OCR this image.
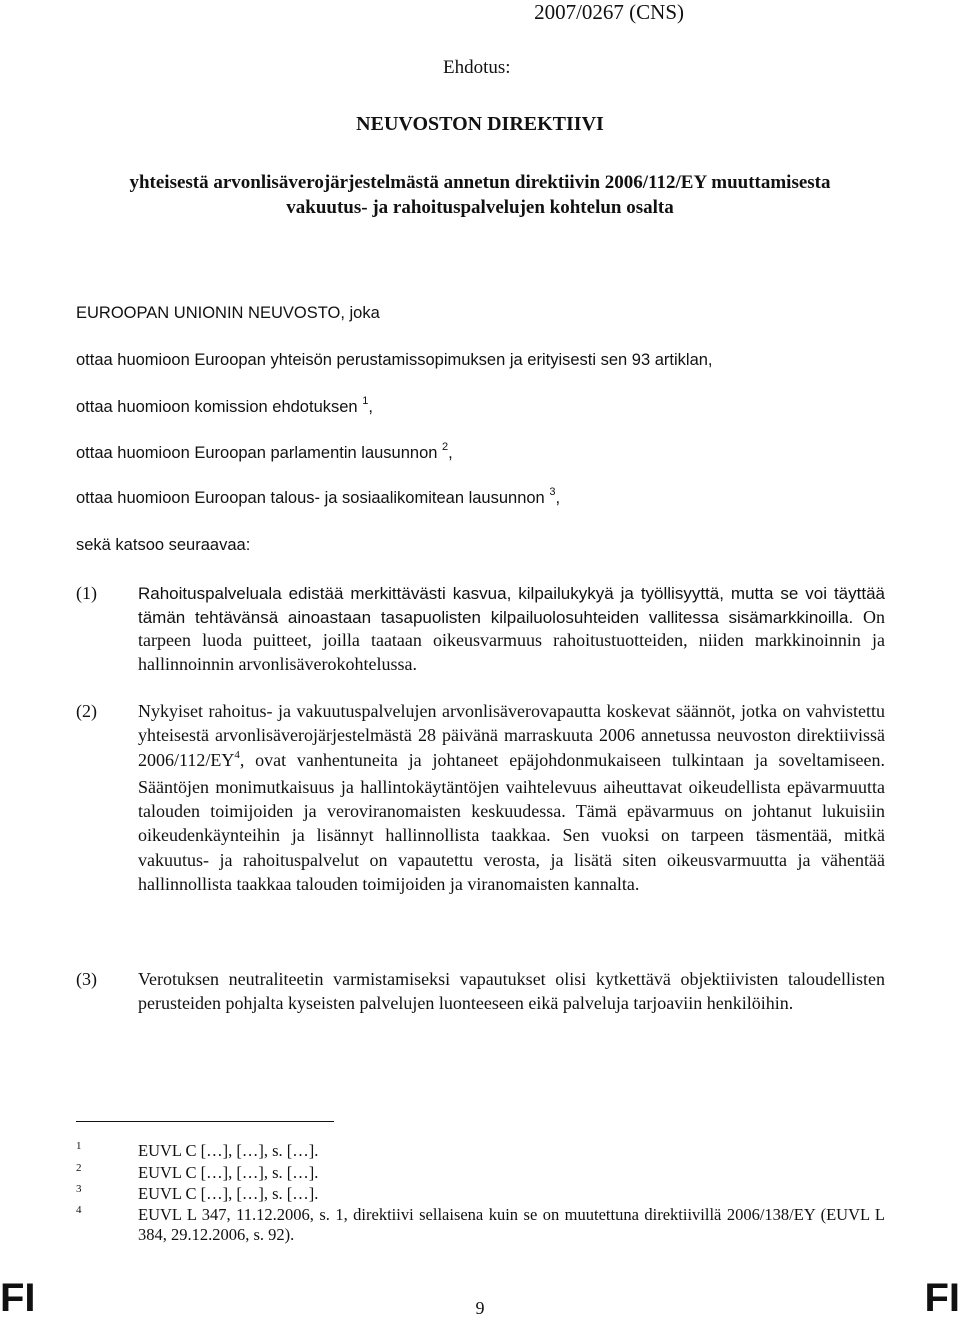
2007/0267 (CNS)
Ehdotus:
NEUVOSTON DIREKTIIVI
yhteisestä arvonlisäverojärjestelmästä annetun direktiivin 2006/112/EY muuttamisesta
vakuutus- ja rahoituspalvelujen kohtelun osalta
EUROOPAN UNIONIN NEUVOSTO, joka
ottaa huomioon Euroopan yhteisön perustamissopimuksen ja erityisesti sen 93 artiklan,
ottaa huomioon komission ehdotuksen $^1$,
ottaa huomioon Euroopan parlamentin lausunnon $^2$,
ottaa huomioon Euroopan talous- ja sosiaalikomitean lausunnon $^3$,
sekä katsoo seuraavaa:
(1) Rahoituspalveluala edistää merkittävästi kasvua, kilpailukykyä ja työllisyyttä, mutta se voi täyttää tämän tehtävänsä ainoastaan tasapuolisten kilpailuolosuhteiden vallitessa sisämarkkinoilla. On tarpeen luoda puitteet, joilla taataan oikeusvarmuus rahoitustuotteiden, niiden markkinoinnin ja hallinnoinnin arvonlisäverokohtelussa.
(2) Nykyiset rahoitus- ja vakuutuspalvelujen arvonlisäverovapautta koskevat säännöt, jotka on vahvistettu yhteisestä arvonlisäverojärjestelmästä 28 päivänä marraskuuta 2006 annetussa neuvoston direktiivissä $2006/112/EY^4$, ovat vanhentuneita ja johtaneet epäjohdonmukaiseen tulkintaan ja soveltamiseen. Sääntöjen monimutkaisuus ja hallintokäytäntöjen vaihtelevuus aiheuttavat oikeudellista epävarmuutta talouden toimijoiden ja veroviranomaisten keskuudessa. Tämä epävarmuus on johtanut lukuisiin oikeudenkäynteihin ja lisännyt hallinnollista taakkaa. Sen vuoksi on tarpeen täsmentää, mitkä vakuutus- ja rahoituspalvelut on vapautettu verosta, ja lisätä siten oikeusvarmuutta ja vähentää hallinnollista taakkaa talouden toimijoiden ja viranomaisten kannalta.
(3) Verotuksen neutraliteetin varmistamiseksi vapautukset olisi kytkettävä objektiivisten taloudellisten perusteiden pohjalta kyseisten palvelujen luonteeseen eikä palveluja tarjoaviin henkilöihin.
1	EUVL C […], […], s. […].
2	EUVL C […], […], s. […].
3	EUVL C […], […], s. […].
4	EUVL L 347, 11.12.2006, s. 1, direktiivi sellaisena kuin se on muutettuna direktiivillä 2006/138/EY (EUVL L 384, 29.12.2006, s. 92).
FI	9	FI
